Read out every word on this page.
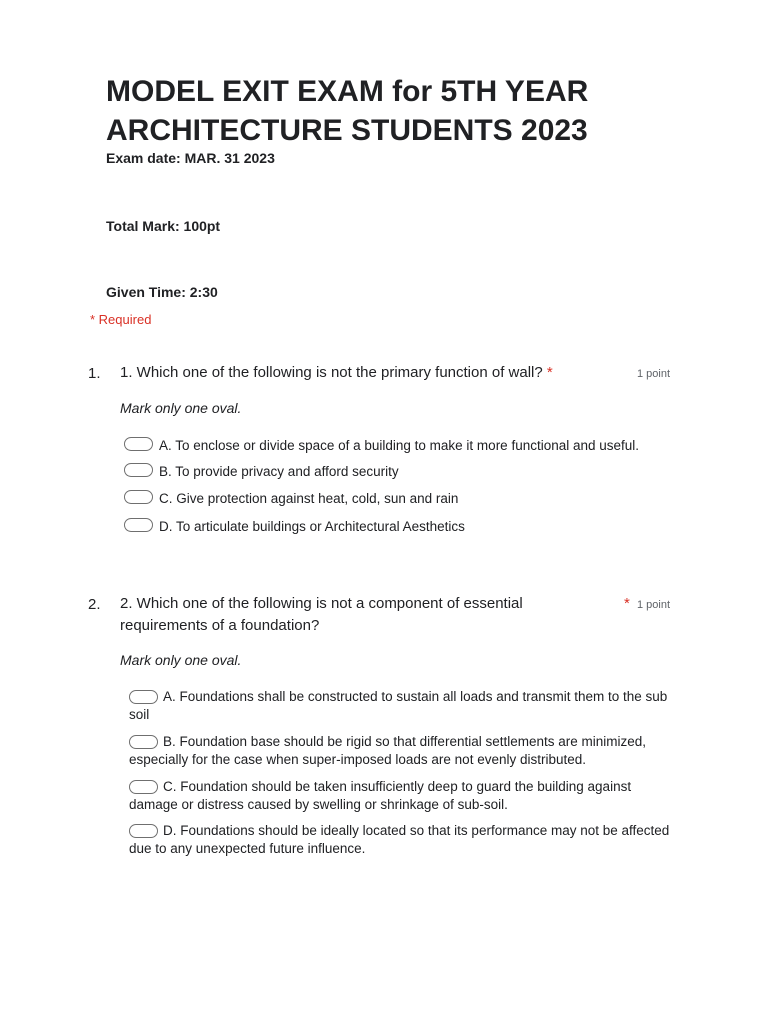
MODEL EXIT EXAM for 5TH YEAR ARCHITECTURE STUDENTS 2023
Exam date: MAR. 31 2023
Total Mark: 100pt
Given Time: 2:30
* Required
1. 1. Which one of the following is not the primary function of wall? *	1 point
Mark only one oval.
A. To enclose or divide space of a building to make it more functional and useful.
B. To provide privacy and afford security
C. Give protection against heat, cold, sun and rain
D. To articulate buildings or Architectural Aesthetics
2. 2. Which one of the following is not a component of essential requirements of a foundation?
* 1 point
Mark only one oval.
A. Foundations shall be constructed to sustain all loads and transmit them to the sub soil
B. Foundation base should be rigid so that differential settlements are minimized, especially for the case when super-imposed loads are not evenly distributed.
C. Foundation should be taken insufficiently deep to guard the building against damage or distress caused by swelling or shrinkage of sub-soil.
D. Foundations should be ideally located so that its performance may not be affected due to any unexpected future influence.
